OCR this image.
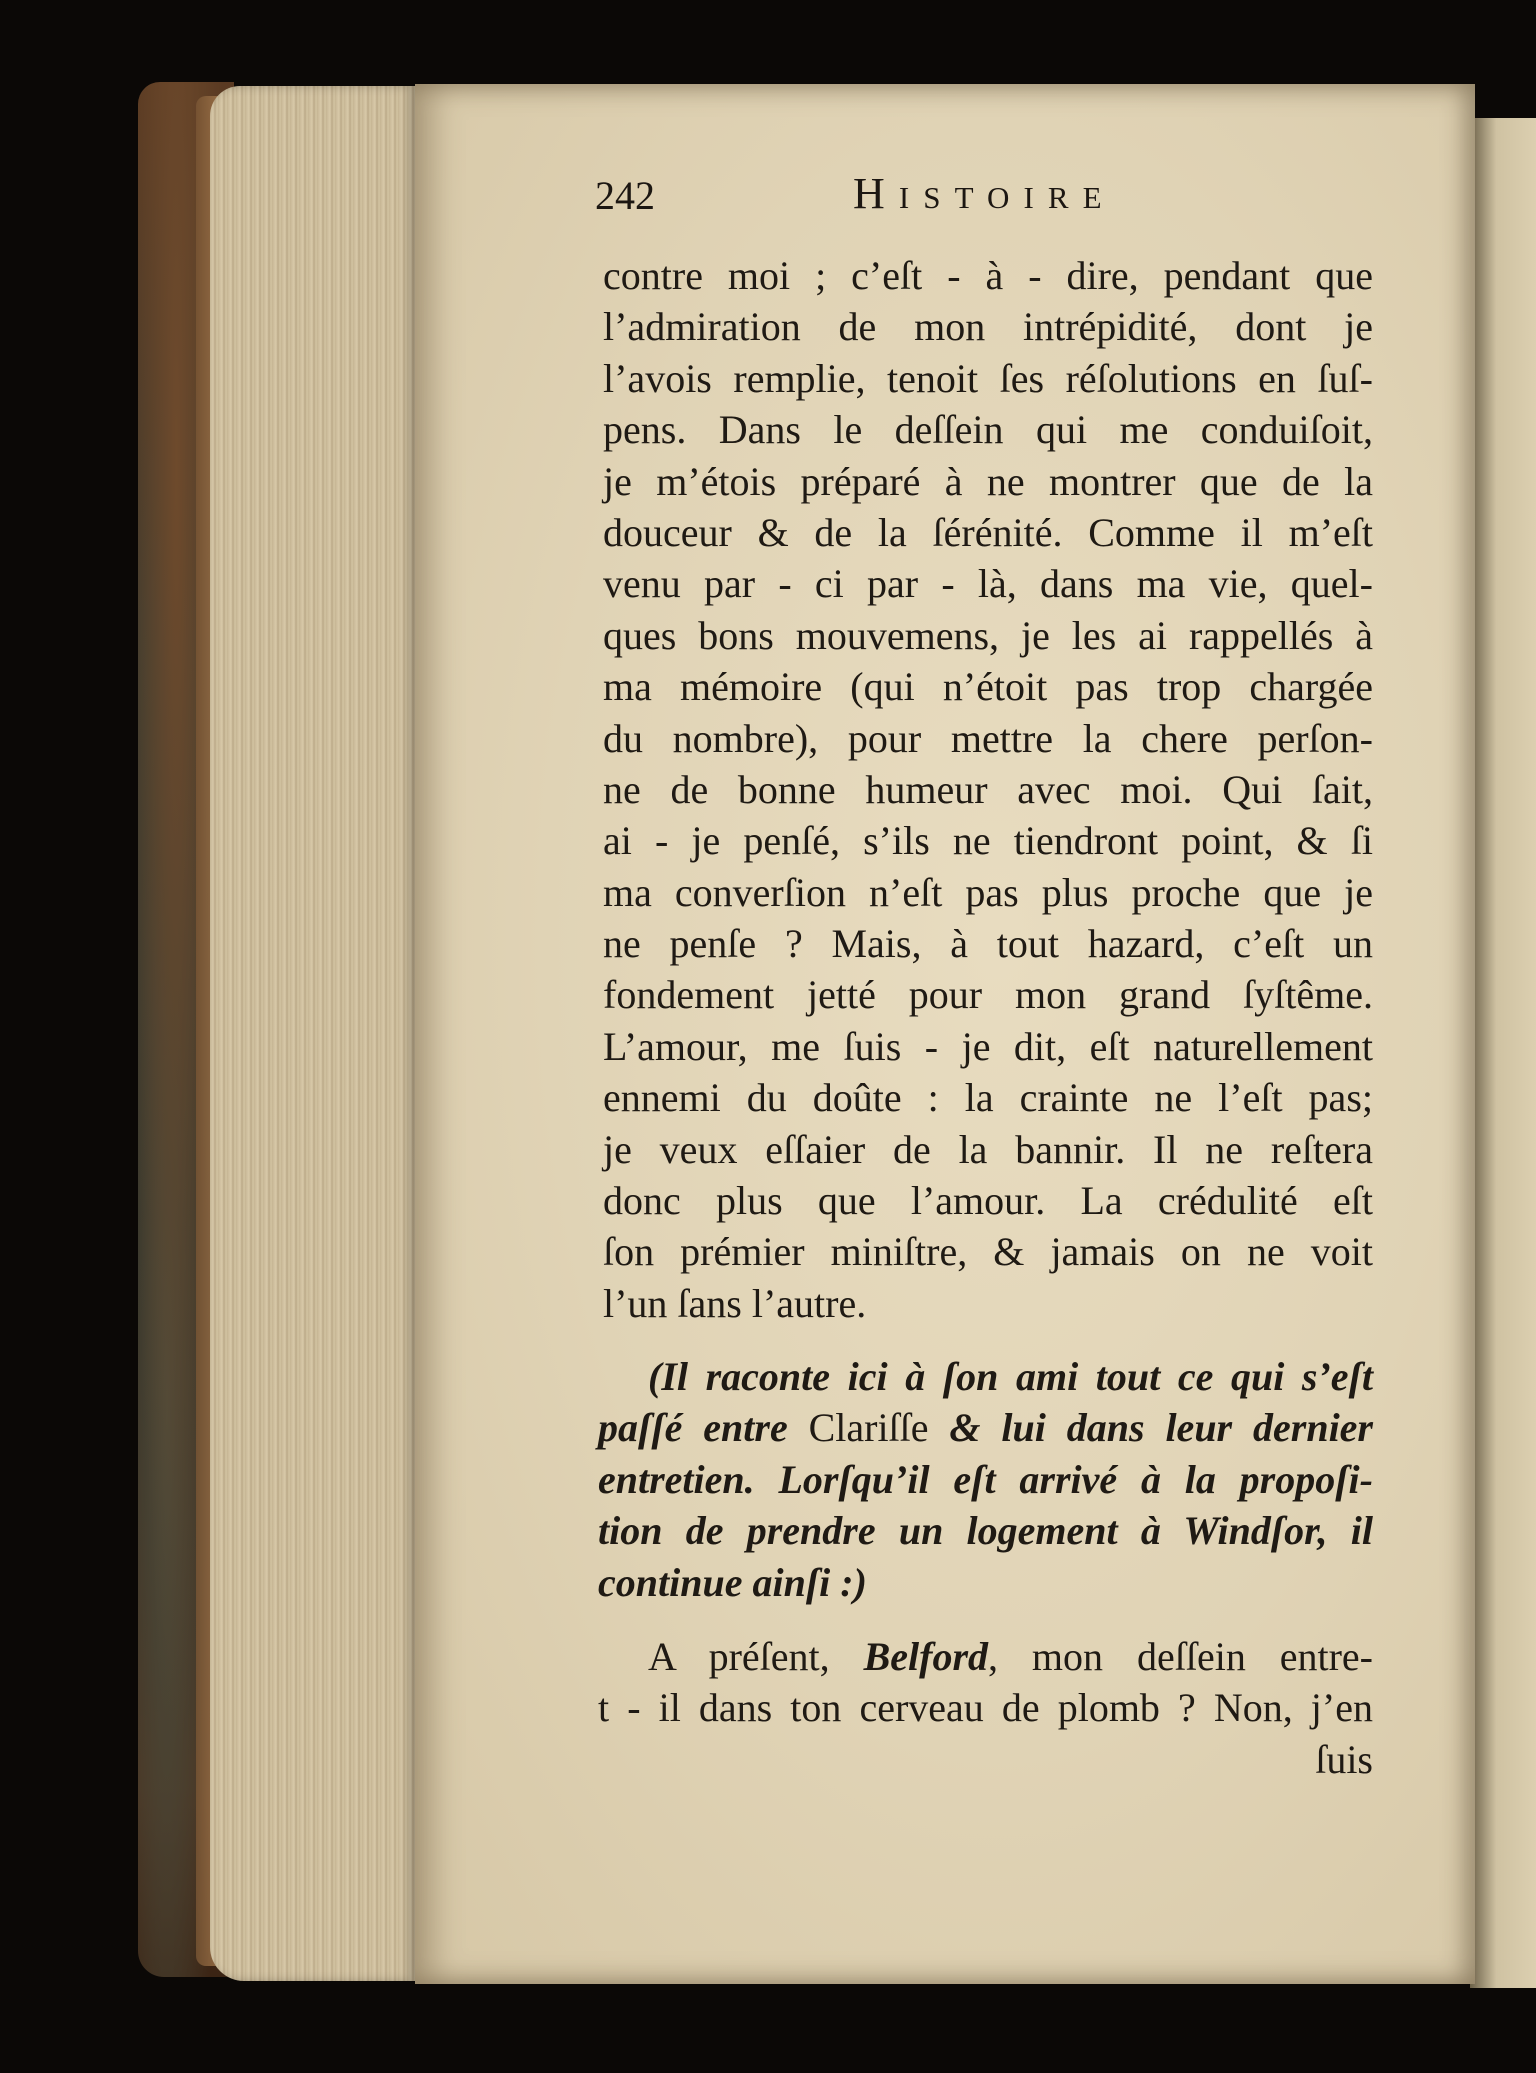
242	Histoire
contre moi ; c’eſt - à - dire, pendant que
l’admiration de mon intrépidité, dont je
l’avois remplie, tenoit ſes réſolutions en ſuſ-
pens. Dans le deſſein qui me conduiſoit,
je m’étois préparé à ne montrer que de la
douceur & de la ſérénité. Comme il m’eſt
venu par - ci par - là, dans ma vie, quel-
ques bons mouvemens, je les ai rappellés à
ma mémoire (qui n’étoit pas trop chargée
du nombre), pour mettre la chere perſon-
ne de bonne humeur avec moi. Qui ſait,
ai - je penſé, s’ils ne tiendront point, & ſi
ma converſion n’eſt pas plus proche que je
ne penſe ? Mais, à tout hazard, c’eſt un
fondement jetté pour mon grand ſyſtême.
L’amour, me ſuis - je dit, eſt naturellement
ennemi du doûte : la crainte ne l’eſt pas;
je veux eſſaier de la bannir. Il ne reſtera
donc plus que l’amour. La crédulité eſt
ſon prémier miniſtre, & jamais on ne voit
l’un ſans l’autre.
(Il raconte ici à ſon ami tout ce qui s’eſt
paſſé entre Clariſſe & lui dans leur dernier
entretien. Lorſqu’il eſt arrivé à la propoſi-
tion de prendre un logement à Windſor, il
continue ainſi :)
A préſent, Belford, mon deſſein entre-
t - il dans ton cerveau de plomb ? Non, j’en
ſuis
